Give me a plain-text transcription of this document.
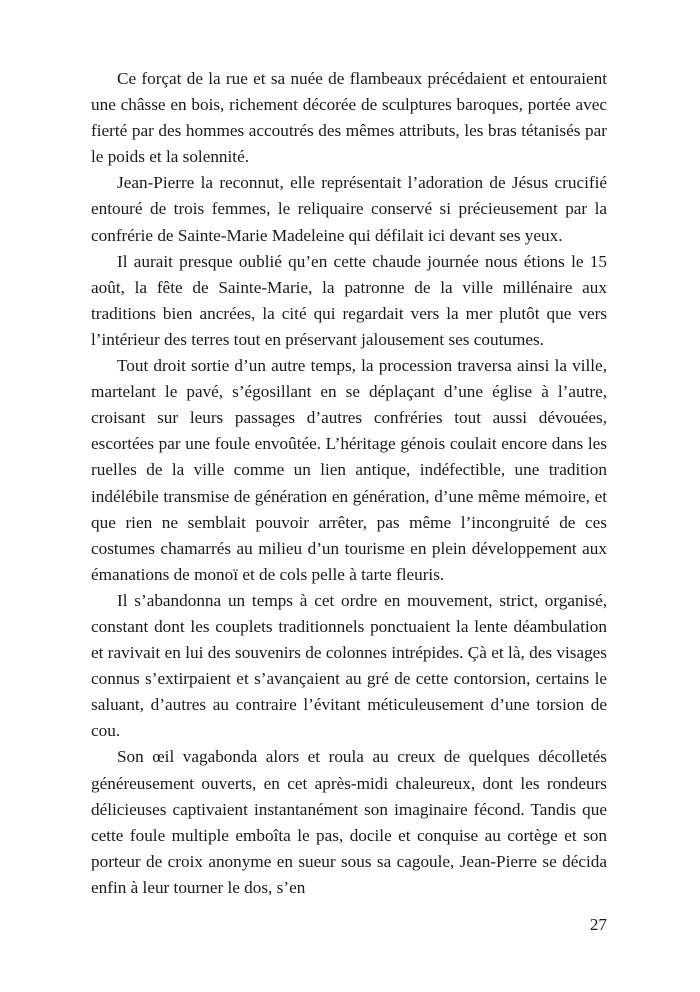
Ce forçat de la rue et sa nuée de flambeaux précédaient et entouraient une châsse en bois, richement décorée de sculptures baroques, portée avec fierté par des hommes accoutrés des mêmes attributs, les bras tétanisés par le poids et la solennité.

Jean-Pierre la reconnut, elle représentait l’adoration de Jésus crucifié entouré de trois femmes, le reliquaire conservé si précieusement par la confrérie de Sainte-Marie Madeleine qui défilait ici devant ses yeux.

Il aurait presque oublié qu’en cette chaude journée nous étions le 15 août, la fête de Sainte-Marie, la patronne de la ville millénaire aux traditions bien ancrées, la cité qui regardait vers la mer plutôt que vers l’intérieur des terres tout en préservant jalousement ses coutumes.

Tout droit sortie d’un autre temps, la procession traversa ainsi la ville, martelant le pavé, s’égosillant en se déplaçant d’une église à l’autre, croisant sur leurs passages d’autres confréries tout aussi dévouées, escortées par une foule envoûtée. L’héritage génois coulait encore dans les ruelles de la ville comme un lien antique, indéfectible, une tradition indélébile transmise de génération en génération, d’une même mémoire, et que rien ne semblait pouvoir arrêter, pas même l’incongruité de ces costumes chamarrés au milieu d’un tourisme en plein développement aux émanations de monoï et de cols pelle à tarte fleuris.

Il s’abandonna un temps à cet ordre en mouvement, strict, organisé, constant dont les couplets traditionnels ponctuaient la lente déambulation et ravivait en lui des souvenirs de colonnes intrépides. Çà et là, des visages connus s’extirpaient et s’avançaient au gré de cette contorsion, certains le saluant, d’autres au contraire l’évitant méticuleusement d’une torsion de cou.

Son œil vagabonda alors et roula au creux de quelques décolletés généreusement ouverts, en cet après-midi chaleureux, dont les rondeurs délicieuses captivaient instantanément son imaginaire fécond. Tandis que cette foule multiple emboîta le pas, docile et conquise au cortège et son porteur de croix anonyme en sueur sous sa cagoule, Jean-Pierre se décida enfin à leur tourner le dos, s’en

27
